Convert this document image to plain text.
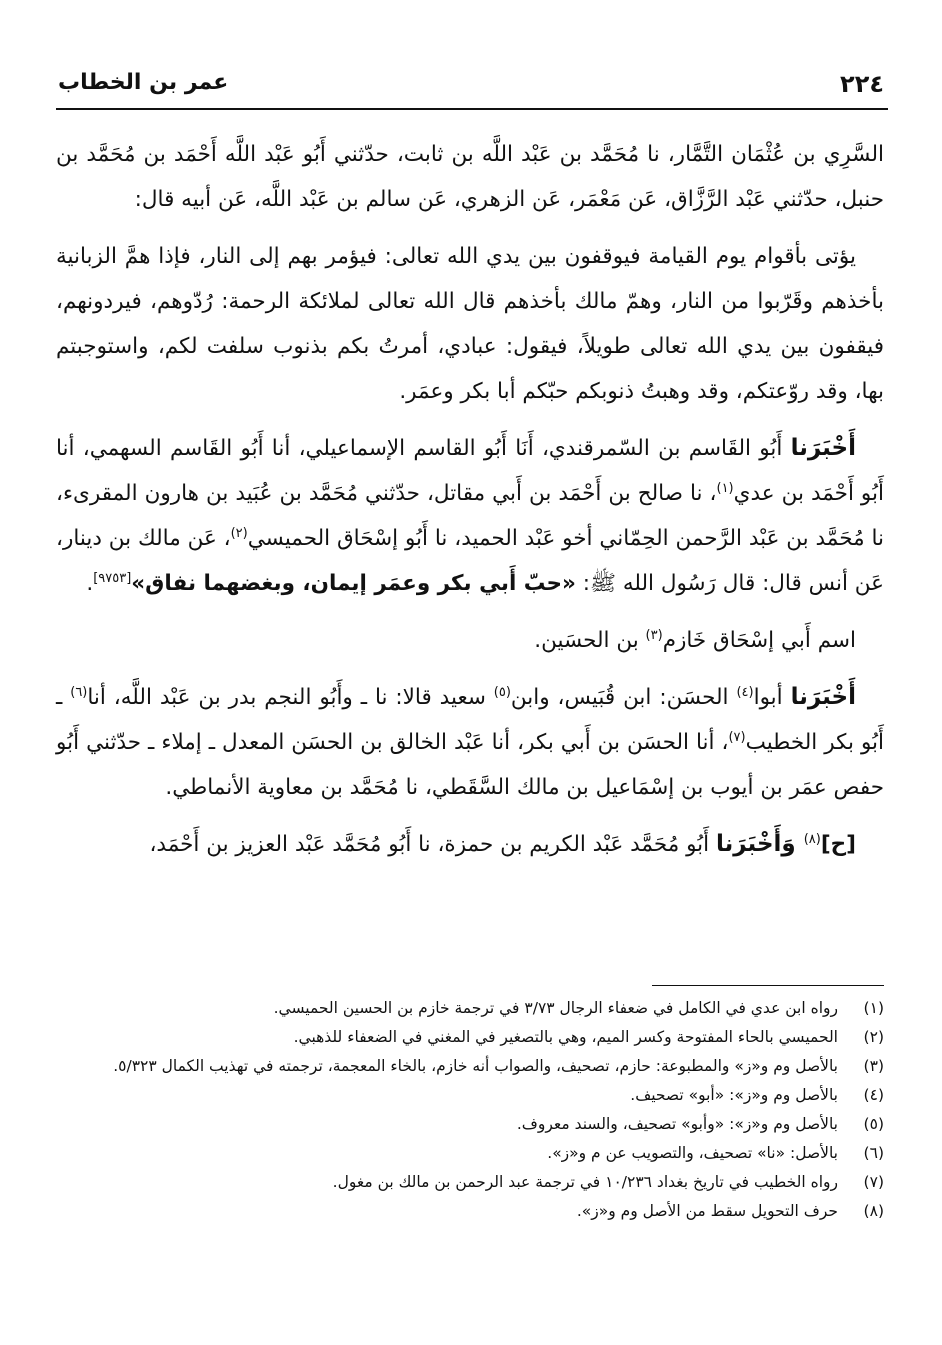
٢٢٤
عمر بن الخطاب

السَّرِي بن عُثْمَان التَّمَّار، نا مُحَمَّد بن عَبْد اللَّه بن ثابت، حدّثني أَبُو عَبْد اللَّه أَحْمَد بن مُحَمَّد بن حنبل، حدّثني عَبْد الرَّزَّاق، عَن مَعْمَر، عَن الزهري، عَن سالم بن عَبْد اللَّه، عَن أبيه قال:

يؤتى بأقوام يوم القيامة فيوقفون بين يدي الله تعالى: فيؤمر بهم إلى النار، فإذا همَّ الزبانية بأخذهم وقَرّبوا من النار، وهمّ مالك بأخذهم قال الله تعالى لملائكة الرحمة: رُدّوهم، فيردونهم، فيقفون بين يدي الله تعالى طويلاً، فيقول: عبادي، أمرتُ بكم بذنوب سلفت لكم، واستوجبتم بها، وقد روّعتكم، وقد وهبتُ ذنوبكم حبّكم أبا بكر وعمَر.

أَخْبَرَنا أَبُو القَاسم بن السّمرقندي، أَنَا أَبُو القاسم الإسماعيلي، أنا أَبُو القَاسم السهمي، أنا أَبُو أَحْمَد بن عدي$^{(١)}$، نا صالح بن أَحْمَد بن أَبي مقاتل، حدّثني مُحَمَّد بن عُبَيد بن هارون المقرىء، نا مُحَمَّد بن عَبْد الرَّحمن الحِمّاني أخو عَبْد الحميد، نا أَبُو إسْحَاق الحميسي$^{(٢)}$، عَن مالك بن دينار، عَن أنس قال: قال رَسُول الله ﷺ: «حبّ أَبي بكر وعمَر إيمان، وبغضهما نفاق»[٩٧٥٣].

اسم أَبي إسْحَاق خَازم$^{(٣)}$ بن الحسَين.

أَخْبَرَنا أبوا$^{(٤)}$ الحسَن: ابن قُبَيس، وابن$^{(٥)}$ سعيد قالا: نا ـ وأَبُو النجم بدر بن عَبْد اللَّه، أنا$^{(٦)}$ ـ أَبُو بكر الخطيب$^{(٧)}$، أنا الحسَن بن أَبي بكر، أنا عَبْد الخالق بن الحسَن المعدل ـ إملاء ـ حدّثني أَبُو حفص عمَر بن أيوب بن إسْمَاعيل بن مالك السَّقَطي، نا مُحَمَّد بن معاوية الأنماطي.

[ح]$^{(٨)}$ وَأَخْبَرَنا أَبُو مُحَمَّد عَبْد الكريم بن حمزة، نا أَبُو مُحَمَّد عَبْد العزيز بن أَحْمَد،

(١)
رواه ابن عدي في الكامل في ضعفاء الرجال ٣/٧٣ في ترجمة خازم بن الحسين الحميسي.
(٢)
الحميسي بالحاء المفتوحة وكسر الميم، وهي بالتصغير في المغني في الضعفاء للذهبي.
(٣)
بالأصل وم و«ز» والمطبوعة: حازم، تصحيف، والصواب أنه خازم، بالخاء المعجمة، ترجمته في تهذيب الكمال ٥/٣٢٣.
(٤)
بالأصل وم و«ز»: «أبو» تصحيف.
(٥)
بالأصل وم و«ز»: «وأبو» تصحيف، والسند معروف.
(٦)
بالأصل: «نا» تصحيف، والتصويب عن م و«ز».
(٧)
رواه الخطيب في تاريخ بغداد ١٠/٢٣٦ في ترجمة عبد الرحمن بن مالك بن مغول.
(٨)
حرف التحويل سقط من الأصل وم و«ز».
